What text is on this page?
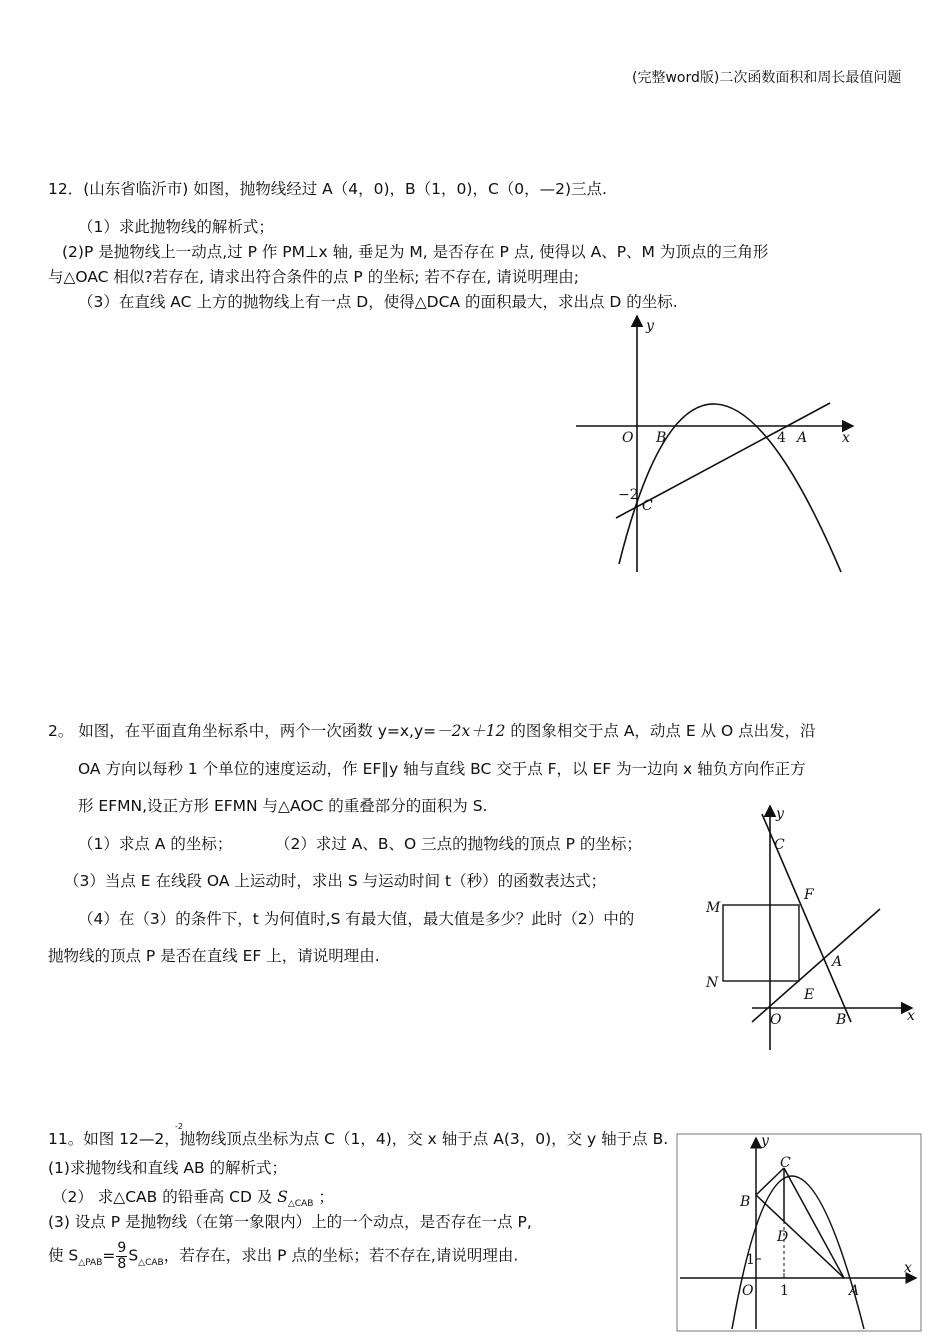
(完整word版)二次函数面积和周长最值问题
12．(山东省临沂市) 如图，抛物线经过 A（4，0)，B（1，0)，C（0，—2)三点.
（1）求此抛物线的解析式；
(2)P 是抛物线上一动点,过 P 作 PM⊥x 轴, 垂足为 M, 是否存在 P 点, 使得以 A、P、M 为顶点的三角形
与△OAC 相似?若存在, 请求出符合条件的点 P 的坐标; 若不存在, 请说明理由;
（3）在直线 AC 上方的抛物线上有一点 D，使得△DCA 的面积最大，求出点 D 的坐标.
y
x
O B	4 A
−2
C
2。 如图，在平面直角坐标系中，两个一次函数 y=x,y=－2x＋12 的图象相交于点 A，动点 E 从 O 点出发，沿
OA 方向以每秒 1 个单位的速度运动，作 EF∥y 轴与直线 BC 交于点 F，以 EF 为一边向 x 轴负方向作正方
形 EFMN,设正方形 EFMN 与△AOC 的重叠部分的面积为 S.
（1）求点 A 的坐标；	（2）求过 A、B、O 三点的抛物线的顶点 P 的坐标；
（3）当点 E 在线段 OA 上运动时，求出 S 与运动时间 t（秒）的函数表达式；
（4）在（3）的条件下，t 为何值时,S 有最大值，最大值是多少？此时（2）中的
抛物线的顶点 P 是否在直线 EF 上，请说明理由.
y
C
F
M
A
N
E
O	B	x
11。如图 12—2，抛物线顶点坐标为点 C（1，4)，交 x 轴于点 A(3，0)，交 y 轴于点 B.
-2
(1)求抛物线和直线 AB 的解析式；
（2） 求△CAB 的铅垂高 CD 及 $S_{\triangle CAB}$ ；
(3) 设点 P 是抛物线（在第一象限内）上的一个动点，是否存在一点 P,
使 $S_{\triangle PAB}= \frac{9}{8} S_{\triangle CAB}$，若存在，求出 P 点的坐标；若不存在,请说明理由.
y
C
B
D
1	x
O 1	A
